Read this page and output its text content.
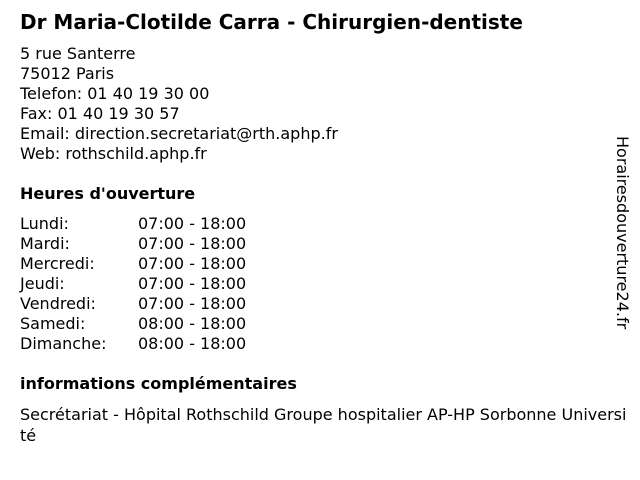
Dr Maria-Clotilde Carra - Chirurgien-dentiste
5 rue Santerre
75012 Paris
Telefon: 01 40 19 30 00
Fax: 01 40 19 30 57
Email: direction.secretariat@rth.aphp.fr
Web: rothschild.aphp.fr
Heures d'ouverture
Lundi:	07:00 - 18:00
Mardi:	07:00 - 18:00
Mercredi:	07:00 - 18:00
Jeudi:	07:00 - 18:00
Vendredi:	07:00 - 18:00
Samedi:	08:00 - 18:00
Dimanche: 08:00 - 18:00
informations complémentaires
Secrétariat - Hôpital Rothschild Groupe hospitalier AP-HP Sorbonne Université
Horairesdouverture24.fr
